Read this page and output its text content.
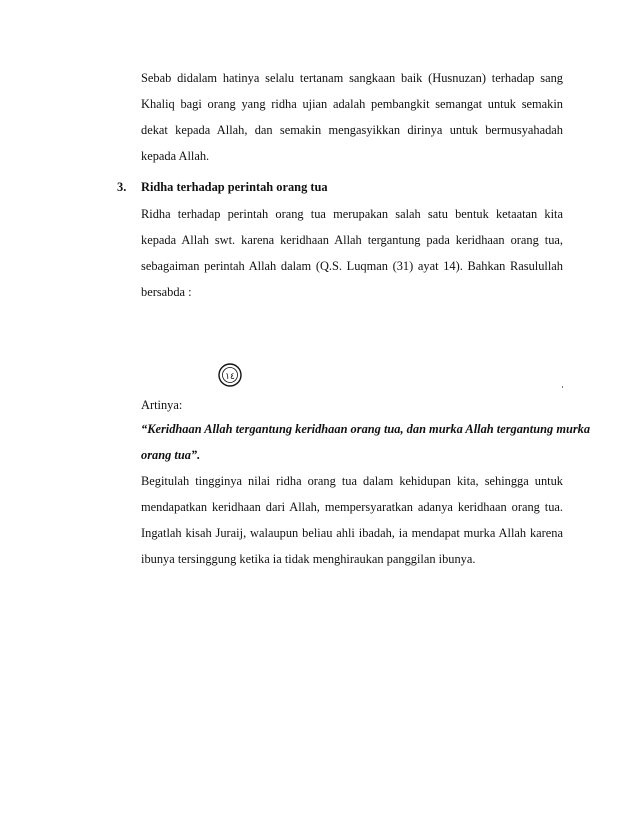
Sebab didalam hatinya selalu tertanam sangkaan baik (Husnuzan) terhadap sang
Khaliq bagi orang yang ridha ujian adalah pembangkit semangat untuk semakin
dekat kepada Allah, dan semakin mengasyikkan dirinya untuk bermusyahadah
kepada Allah.
3. Ridha terhadap perintah orang tua
Ridha terhadap perintah orang tua merupakan salah satu bentuk ketaatan kita
kepada Allah swt. karena keridhaan Allah tergantung pada keridhaan orang tua,
sebagaiman perintah Allah dalam (Q.S. Luqman (31) ayat 14). Bahkan Rasulullah
bersabda :
١٤
Artinya:
“Keridhaan Allah tergantung keridhaan orang tua, dan murka Allah tergantung murka
orang tua”.
Begitulah tingginya nilai ridha orang tua dalam kehidupan kita, sehingga untuk
mendapatkan keridhaan dari Allah, mempersyaratkan adanya keridhaan orang tua.
Ingatlah kisah Juraij, walaupun beliau ahli ibadah, ia mendapat murka Allah karena
ibunya tersinggung ketika ia tidak menghiraukan panggilan ibunya.
